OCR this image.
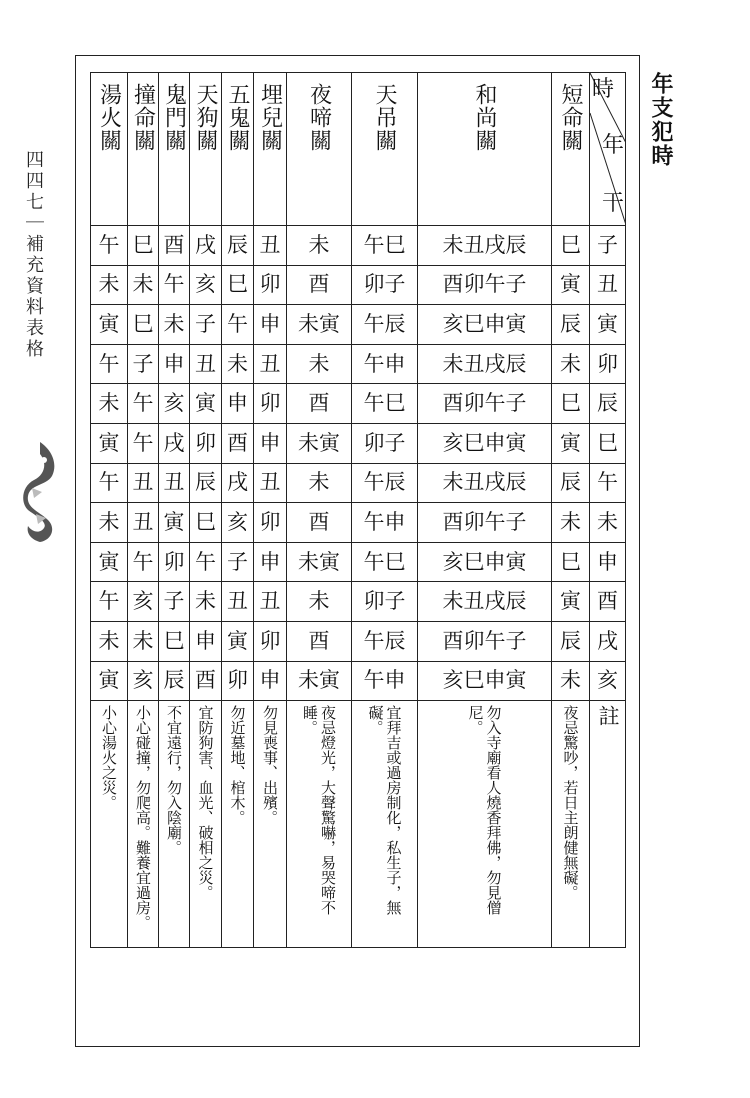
四四七｜補充資料表格
年支犯時
湯火關	撞命關	鬼門關	天狗關	五鬼關	埋兒關	夜啼關	天吊關	和尚關	短命關	時
年
干

午	巳	酉	戌	辰	丑	未	午巳	未丑戌辰	巳	子
未	未	午	亥	巳	卯	酉	卯子	酉卯午子	寅	丑
寅	巳	未	子	午	申	未寅	午辰	亥巳申寅	辰	寅
午	子	申	丑	未	丑	未	午申	未丑戌辰	未	卯
未	午	亥	寅	申	卯	酉	午巳	酉卯午子	巳	辰
寅	午	戌	卯	酉	申	未寅	卯子	亥巳申寅	寅	巳
午	丑	丑	辰	戌	丑	未	午辰	未丑戌辰	辰	午
未	丑	寅	巳	亥	卯	酉	午申	酉卯午子	未	未
寅	午	卯	午	子	申	未寅	午巳	亥巳申寅	巳	申
午	亥	子	未	丑	丑	未	卯子	未丑戌辰	寅	酉
未	未	巳	申	寅	卯	酉	午辰	酉卯午子	辰	戌
寅	亥	辰	酉	卯	申	未寅	午申	亥巳申寅	未	亥

小心湯火之災。	小心碰撞，勿爬高。難養宜過房。	不宜遠行，勿入陰廟。	宜防狗害、血光、破相之災。	勿近墓地、棺木。	勿見喪事、出殯。	夜忌燈光，大聲驚嚇，易哭啼不睡。	宜拜吉或過房制化，私生子，無礙。	勿入寺廟看人燒香拜佛，勿見僧尼。	夜忌驚吵，若日主朗健無礙。	註
